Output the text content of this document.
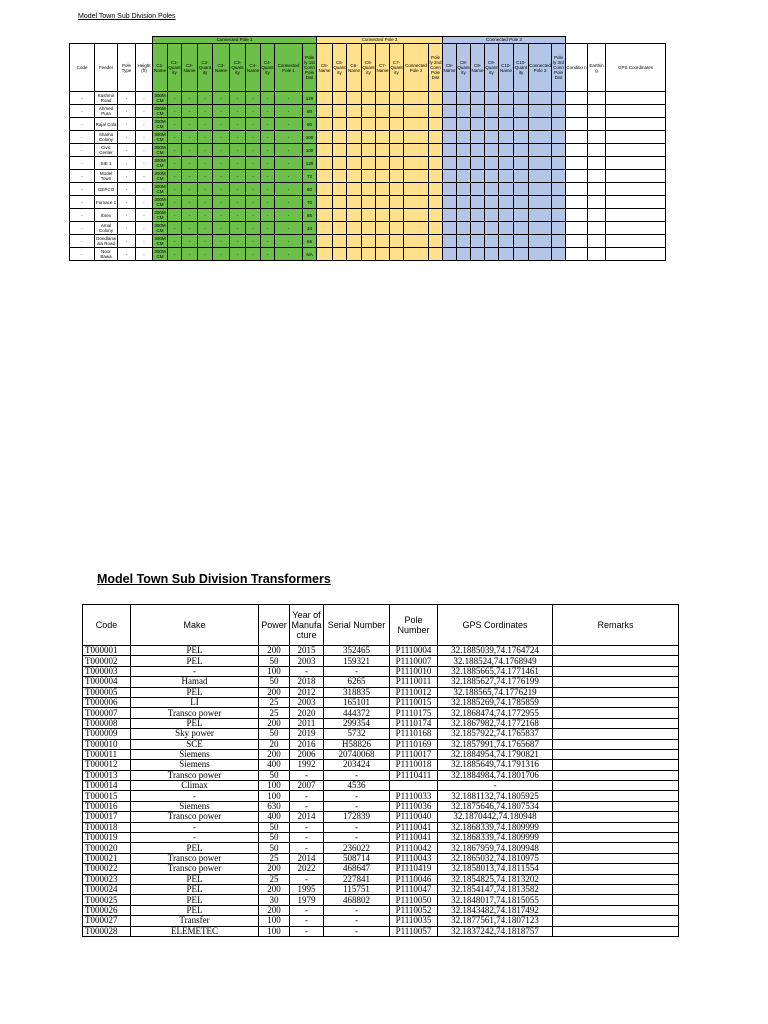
Model Town Sub Division Poles
				Connected Pole 1										Connected Pole 2								Connected Pole 3										
Code	Feeder	Pole Type	Height (ft)	C1-Name	C1-Quant ity	C2-Name	C2-Quant ity	C3-Name	C3-Quant ity	C4-Name	C4-Quant ity	Connected Pole 1	Pole ly 1st Conn Pole Dist	C5-Name	C5-Quant ity	C6-Name	C6-Quant ity	C7-Name	C7-Quant ity	Connected Pole 2	Pole ly 2nd Conn Pole Dist	C8-Name	C8-Quant ity	C9-Name	C9-Quant ity	C10-Name	C10-Quant ity	Connected Pole 3	Pole ly 3rd Conn Pole Dist	Conditio n	Earthin g	GPS Coordinates
-	Kashmir Road	-	-	300M CM	-	-	-	-	-	-	-	-	120																			
-	Ahmed Pura	-	-	300M CM	-	-	-	-	-	-	-	-	80																			
-	Rajal Cola	-	-	300M CM	-	-	-	-	-	-	-	-	80																			
-	Shama Colony	-	-	300M CM	-	-	-	-	-	-	-	-	100																			
-	Civic Center	-	-	300M CM	-	-	-	-	-	-	-	-	100																			
-	SIE 1	-	-	300M CM	-	-	-	-	-	-	-	-	130																			
-	Model Town	-	-	300M CM	-	-	-	-	-	-	-	-	72																			
-	GEPCO	-	-	300M CM	-	-	-	-	-	-	-	-	80																			
-	Furnace 1	-	-	300M CM	-	-	-	-	-	-	-	-	70																			
-	Ibrex	-	-	300M CM	-	-	-	-	-	-	-	-	85																			
-	Amal Colony	-	-	300M CM	-	-	-	-	-	-	-	-	34																			
-	Gondlanw ala Road	-	-	300M CM	-	-	-	-	-	-	-	-	65																			
-	Noor Bawa	-	-	300M CM	-	-	-	-	-	-	-	-	NA																			
Model Town Sub Division Transformers
Code	Make	Power	Year of Manufa cture	Serial Number	Pole Number	GPS Cordinates	Remarks
T000001	PEL	200	2015	352465	P1110004	32.1885039,74.1764724	
T000002	PEL	50	2003	159321	P1110007	32.188524,74.1768949	
T000003	-	100	-	-	P1110010	32.1885665,74.1771461	
T000004	Hamad	50	2018	6265	P1110011	32.1885627,74.1776199	
T000005	PEL	200	2012	318835	P1110012	32.188565,74.1776219	
T000006	LI	25	2003	165101	P1110015	32.1885269,74.1785859	
T000007	Transco power	25	2020	444372	P1110175	32.1868474,74.1772955	
T000008	PEL	200	2011	299354	P1110174	32.1867982,74.1772168	
T000009	Sky power	50	2019	5732	P1110168	32.1857922,74.1765837	
T000010	SCE	20	2016	H58826	P1110169	32.1857991,74.1765687	
T000011	Siemens	200	2006	20740068	P1110017	32.1884954,74.1790821	
T000012	Siemens	400	1992	203424	P1110018	32.1885649,74.1791316	
T000013	Transco power	50	-	-	P1110411	32.1884984,74.1801706	
T000014	Climax	100	2007	4536		-	
T000015	-	100	-	-	P1110033	32.1881132,74.1805925	
T000016	Siemens	630	-	-	P1110036	32.1875646,74.1807534	
T000017	Transco power	400	2014	172839	P1110040	32.1870442,74.180948	
T000018	-	50	-	-	P1110041	32.1868339,74.1809999	
T000019	-	50	-	-	P1110041	32.1868339,74.1809999	
T000020	PEL	50	-	236022	P1110042	32.1867959,74.1809948	
T000021	Transco power	25	2014	508714	P1110043	32.1865032,74.1810975	
T000022	Transco power	200	2022	468647	P1110419	32.1858013,74.1811554	
T000023	PEL	25	-	227841	P1110046	32.1854825,74.1813202	
T000024	PEL	200	1995	115751	P1110047	32.1854147,74.1813582	
T000025	PEL	30	1979	468802	P1110050	32.1848017,74.1815055	
T000026	PEL	200	-	-	P1110052	32.1843482,74.1817492	
T000027	Transfer	100	-	-	P1110035	32.1877561,74.1807123	
T000028	ELEMETEC	100	-	-	P1110057	32.1837242,74.1818757	
